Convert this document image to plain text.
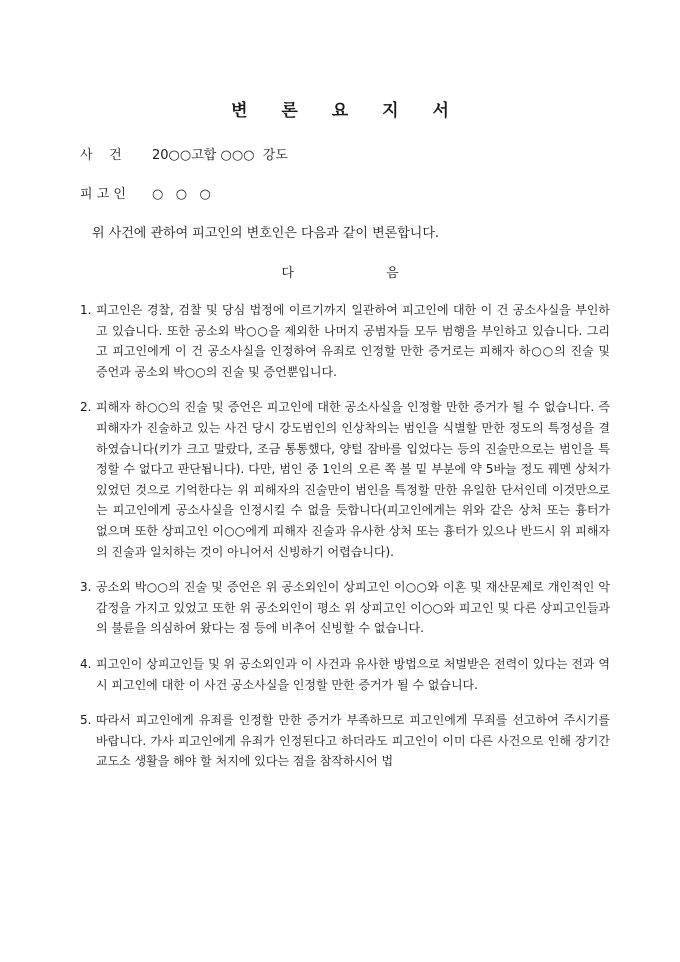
변 론 요 지 서
사    건 20○○고합 ○○○  강도
피 고 인 ○   ○   ○
위 사건에 관하여 피고인의 변호인은 다음과 같이 변론합니다.
다 음
1. 피고인은 경찰, 검찰 및 당심 법정에 이르기까지 일관하여 피고인에 대한 이 건 공소사실을 부인하고 있습니다. 또한 공소외 박○○을 제외한 나머지 공범자들 모두 범행을 부인하고 있습니다. 그리고 피고인에게 이 건 공소사실을 인정하여 유죄로 인정할 만한 증거로는 피해자 하○○의 진술 및 증언과 공소외 박○○의 진술 및 증언뿐입니다.
2. 피해자 하○○의 진술 및 증언은 피고인에 대한 공소사실을 인정할 만한 증거가 될 수 없습니다. 즉 피해자가 진술하고 있는 사건 당시 강도범인의 인상착의는 범인을 식별할 만한 정도의 특정성을 결하였습니다(키가 크고 말랐다, 조금 통통했다, 양털 잠바를 입었다는 등의 진술만으로는 범인을 특정할 수 없다고 판단됩니다). 다만, 범인 중 1인의 오른 쪽 볼 밑 부분에 약 5바늘 정도 꿰멘 상처가 있었던 것으로 기억한다는 위 피해자의 진술만이 범인을 특정할 만한 유일한 단서인데 이것만으로는 피고인에게 공소사실을 인정시킬 수 없을 듯합니다(피고인에게는 위와 같은 상처 또는 흉터가 없으며 또한 상피고인 이○○에게 피해자 진술과 유사한 상처 또는 흉터가 있으나 반드시 위 피해자의 진술과 일치하는 것이 아니어서 신빙하기 어렵습니다).
3. 공소외 박○○의 진술 및 증언은 위 공소외인이 상피고인 이○○와 이혼 및 재산문제로 개인적인 악감정을 가지고 있었고 또한 위 공소외인이 평소 위 상피고인 이○○와 피고인 및 다른 상피고인들과의 불륜을 의심하여 왔다는 점 등에 비추어 신빙할 수 없습니다.
4. 피고인이 상피고인들 및 위 공소외인과 이 사건과 유사한 방법으로 처벌받은 전력이 있다는 전과 역시 피고인에 대한 이 사건 공소사실을 인정할 만한 증거가 될 수 없습니다.
5. 따라서 피고인에게 유죄를 인정할 만한 증거가 부족하므로 피고인에게 무죄를 선고하여 주시기를 바랍니다. 가사 피고인에게 유죄가 인정된다고 하더라도 피고인이 이미 다른 사건으로 인해 장기간 교도소 생활을 해야 할 처지에 있다는 점을 참작하시어 법
